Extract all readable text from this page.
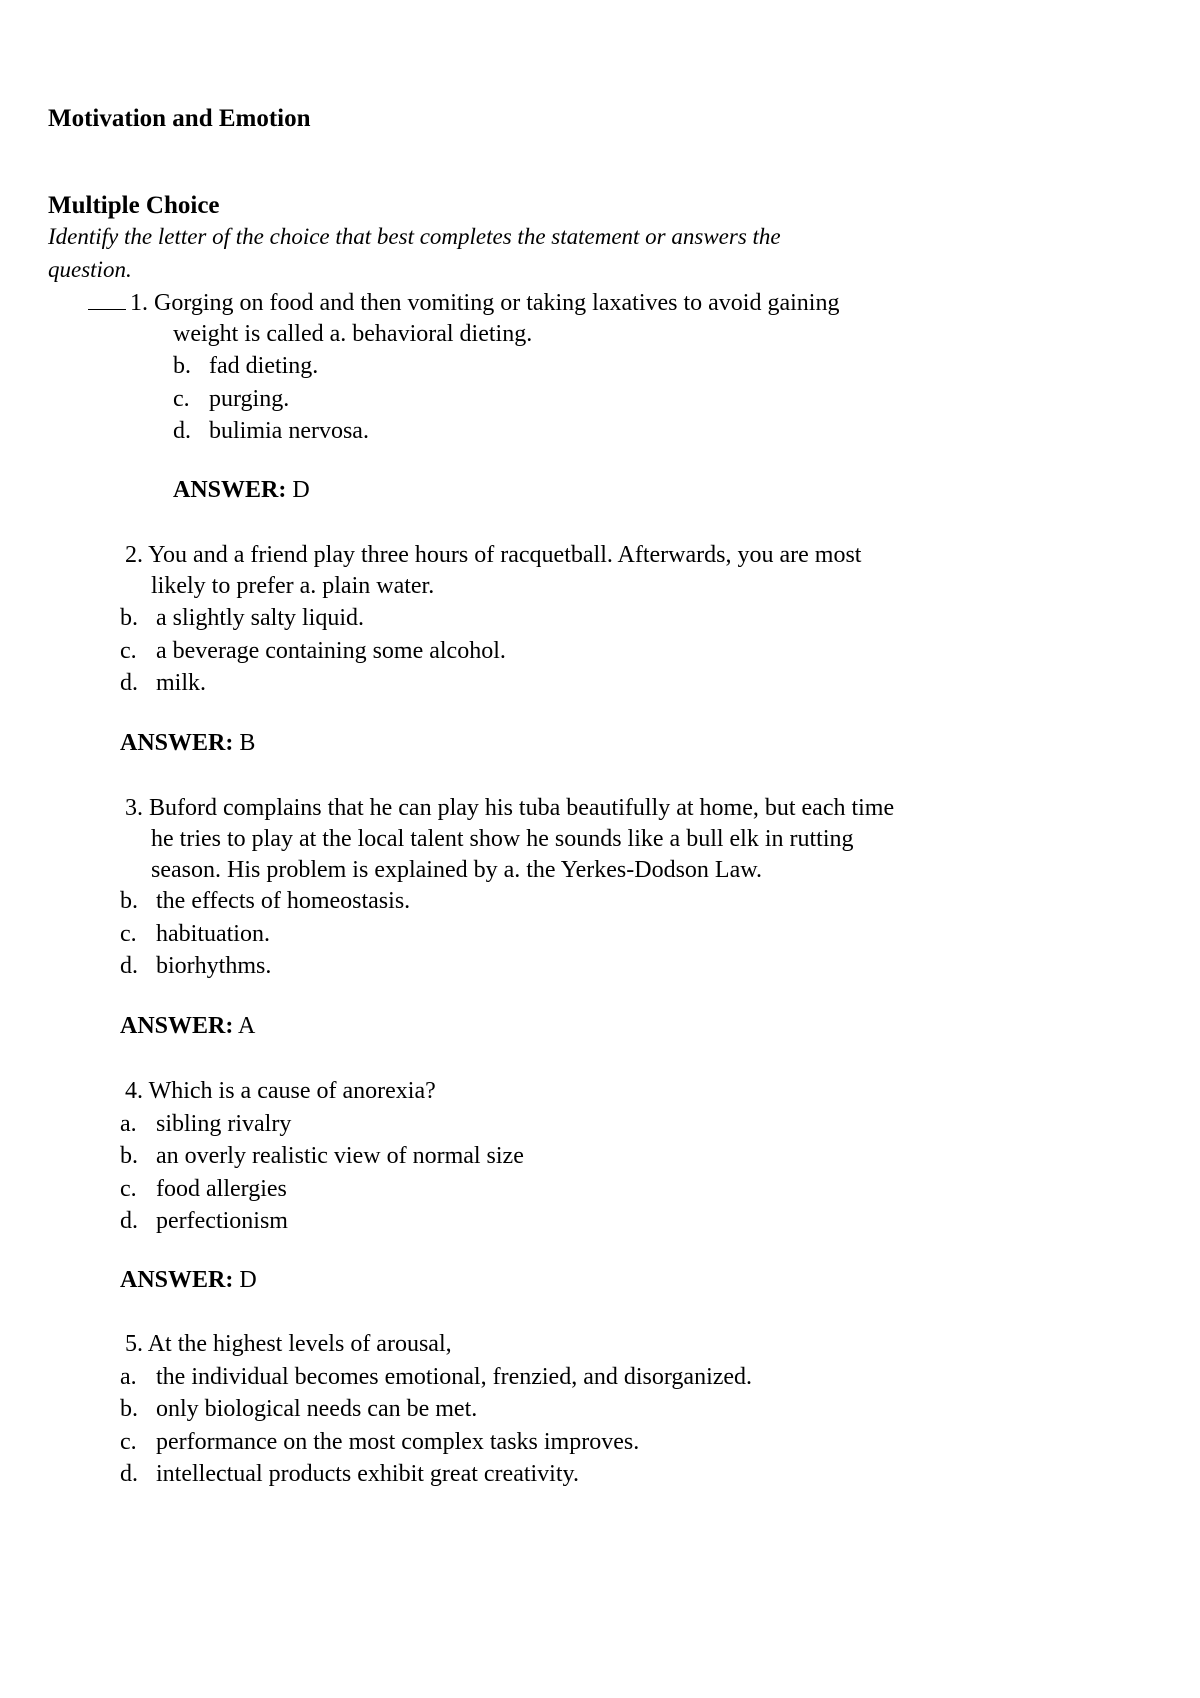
Motivation and Emotion
Multiple Choice
Identify the letter of the choice that best completes the statement or answers the
question.
1. Gorging on food and then vomiting or taking laxatives to avoid gaining
weight is called a. behavioral dieting.
b. fad dieting.
c. purging.
d. bulimia nervosa.
ANSWER: D
2. You and a friend play three hours of racquetball. Afterwards, you are most
likely to prefer a. plain water.
b. a slightly salty liquid.
c. a beverage containing some alcohol.
d. milk.
ANSWER: B
3. Buford complains that he can play his tuba beautifully at home, but each time
he tries to play at the local talent show he sounds like a bull elk in rutting
season. His problem is explained by a. the Yerkes-Dodson Law.
b. the effects of homeostasis.
c. habituation.
d. biorhythms.
ANSWER: A
4. Which is a cause of anorexia?
a. sibling rivalry
b. an overly realistic view of normal size
c. food allergies
d. perfectionism
ANSWER: D
5. At the highest levels of arousal,
a. the individual becomes emotional, frenzied, and disorganized.
b. only biological needs can be met.
c. performance on the most complex tasks improves.
d. intellectual products exhibit great creativity.
